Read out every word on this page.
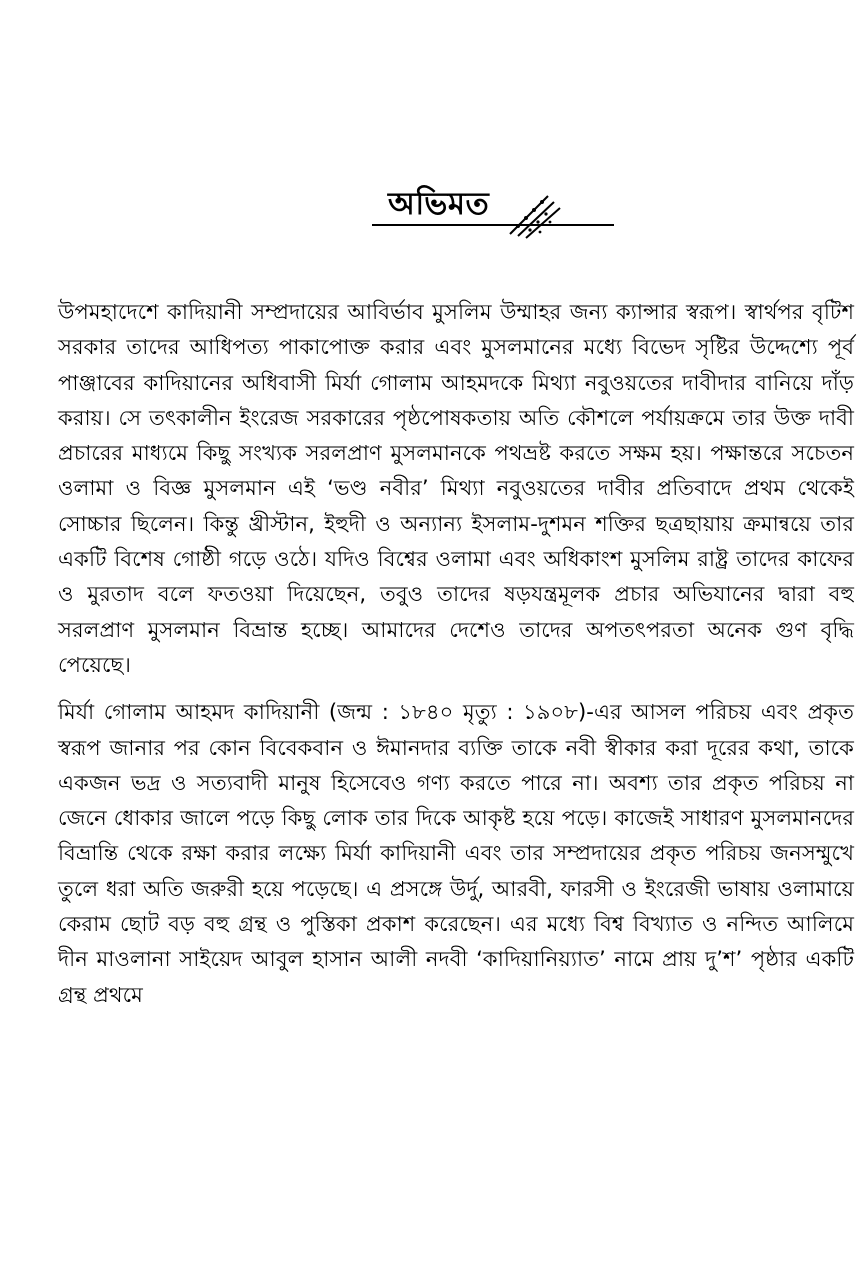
অভিমত

উপমহাদেশে কাদিয়ানী সম্প্রদায়ের আবির্ভাব মুসলিম উম্মাহর জন্য ক্যান্সার স্বরূপ। স্বার্থপর বৃটিশ সরকার তাদের আধিপত্য পাকাপোক্ত করার এবং মুসলমানের মধ্যে বিভেদ সৃষ্টির উদ্দেশ্যে পূর্ব পাঞ্জাবের কাদিয়ানের অধিবাসী মির্যা গোলাম আহমদকে মিথ্যা নবুওয়তের দাবীদার বানিয়ে দাঁড় করায়। সে তৎকালীন ইংরেজ সরকারের পৃষ্ঠপোষকতায় অতি কৌশলে পর্যায়ক্রমে তার উক্ত দাবী প্রচারের মাধ্যমে কিছু সংখ্যক সরলপ্রাণ মুসলমানকে পথভ্রষ্ট করতে সক্ষম হয়। পক্ষান্তরে সচেতন ওলামা ও বিজ্ঞ মুসলমান এই ‘ভণ্ড নবীর’ মিথ্যা নবুওয়তের দাবীর প্রতিবাদে প্রথম থেকেই সোচ্চার ছিলেন। কিন্তু খ্রীস্টান, ইহুদী ও অন্যান্য ইসলাম-দুশমন শক্তির ছত্রছায়ায় ক্রমান্বয়ে তার একটি বিশেষ গোষ্ঠী গড়ে ওঠে। যদিও বিশ্বের ওলামা এবং অধিকাংশ মুসলিম রাষ্ট্র তাদের কাফের ও মুরতাদ বলে ফতওয়া দিয়েছেন, তবুও তাদের ষড়যন্ত্রমূলক প্রচার অভিযানের দ্বারা বহু সরলপ্রাণ মুসলমান বিভ্রান্ত হচ্ছে। আমাদের দেশেও তাদের অপতৎপরতা অনেক গুণ বৃদ্ধি পেয়েছে।

মির্যা গোলাম আহমদ কাদিয়ানী (জন্ম : ১৮৪০ মৃত্যু : ১৯০৮)-এর আসল পরিচয় এবং প্রকৃত স্বরূপ জানার পর কোন বিবেকবান ও ঈমানদার ব্যক্তি তাকে নবী স্বীকার করা দূরের কথা, তাকে একজন ভদ্র ও সত্যবাদী মানুষ হিসেবেও গণ্য করতে পারে না। অবশ্য তার প্রকৃত পরিচয় না জেনে ধোকার জালে পড়ে কিছু লোক তার দিকে আকৃষ্ট হয়ে পড়ে। কাজেই সাধারণ মুসলমানদের বিভ্রান্তি থেকে রক্ষা করার লক্ষ্যে মির্যা কাদিয়ানী এবং তার সম্প্রদায়ের প্রকৃত পরিচয় জনসম্মুখে তুলে ধরা অতি জরুরী হয়ে পড়েছে। এ প্রসঙ্গে উর্দু, আরবী, ফারসী ও ইংরেজী ভাষায় ওলামায়ে কেরাম ছোট বড় বহু গ্রন্থ ও পুস্তিকা প্রকাশ করেছেন। এর মধ্যে বিশ্ব বিখ্যাত ও নন্দিত আলিমে দীন মাওলানা সাইয়েদ আবুল হাসান আলী নদবী ‘কাদিয়ানিয়্যাত’ নামে প্রায় দু’শ’ পৃষ্ঠার একটি গ্রন্থ প্রথমে
